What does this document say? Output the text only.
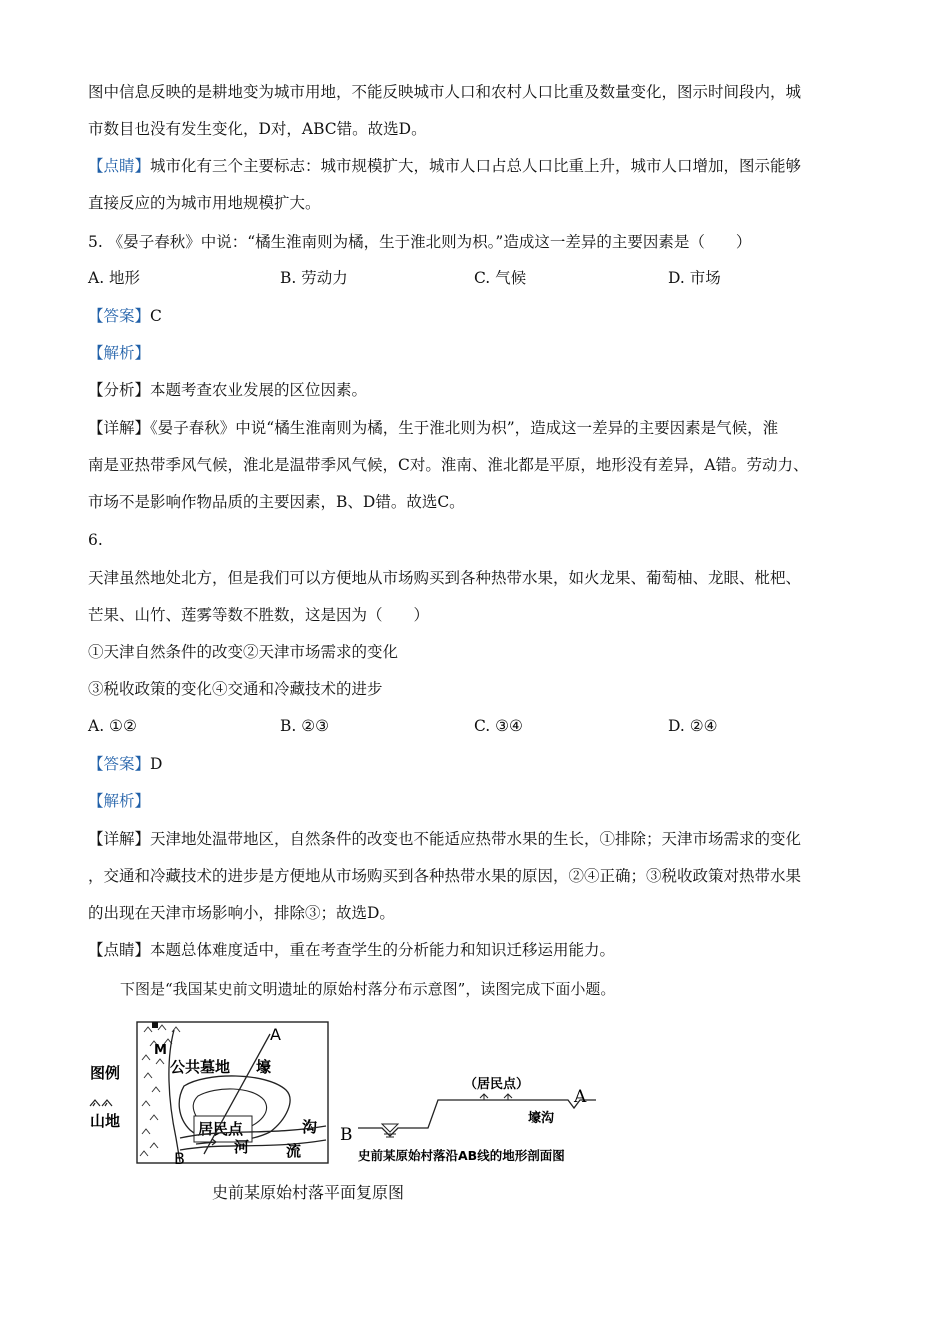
图中信息反映的是耕地变为城市用地，不能反映城市人口和农村人口比重及数量变化，图示时间段内，城
市数目也没有发生变化，D对，ABC错。故选D。
【点睛】城市化有三个主要标志：城市规模扩大，城市人口占总人口比重上升，城市人口增加，图示能够
直接反应的为城市用地规模扩大。
5. 《晏子春秋》中说：“橘生淮南则为橘，生于淮北则为枳。”造成这一差异的主要因素是（　　）
A. 地形	B. 劳动力	C. 气候	D. 市场
【答案】C
【解析】
【分析】本题考查农业发展的区位因素。
【详解】《晏子春秋》中说“橘生淮南则为橘，生于淮北则为枳”，造成这一差异的主要因素是气候，淮
南是亚热带季风气候，淮北是温带季风气候，C对。淮南、淮北都是平原，地形没有差异，A错。劳动力、
市场不是影响作物品质的主要因素，B、D错。故选C。
6.
天津虽然地处北方，但是我们可以方便地从市场购买到各种热带水果，如火龙果、葡萄柚、龙眼、枇杷、
芒果、山竹、莲雾等数不胜数，这是因为（　　）
①天津自然条件的改变②天津市场需求的变化
③税收政策的变化④交通和冷藏技术的进步
A. ①②	B. ②③	C. ③④	D. ②④
【答案】D
【解析】
【详解】天津地处温带地区，自然条件的改变也不能适应热带水果的生长，①排除；天津市场需求的变化
，交通和冷藏技术的进步是方便地从市场购买到各种热带水果的原因，②④正确；③税收政策对热带水果
的出现在天津市场影响小，排除③；故选D。
【点睛】本题总体难度适中，重在考查学生的分析能力和知识迁移运用能力。
下图是“我国某史前文明遗址的原始村落分布示意图”，读图完成下面小题。
图例
山地
M
公共墓地 壕
居民点	沟
A
B
河 流
史前某原始村落平面复原图
B
（居民点）
A
壕沟
史前某原始村落沿AB线的地形剖面图
